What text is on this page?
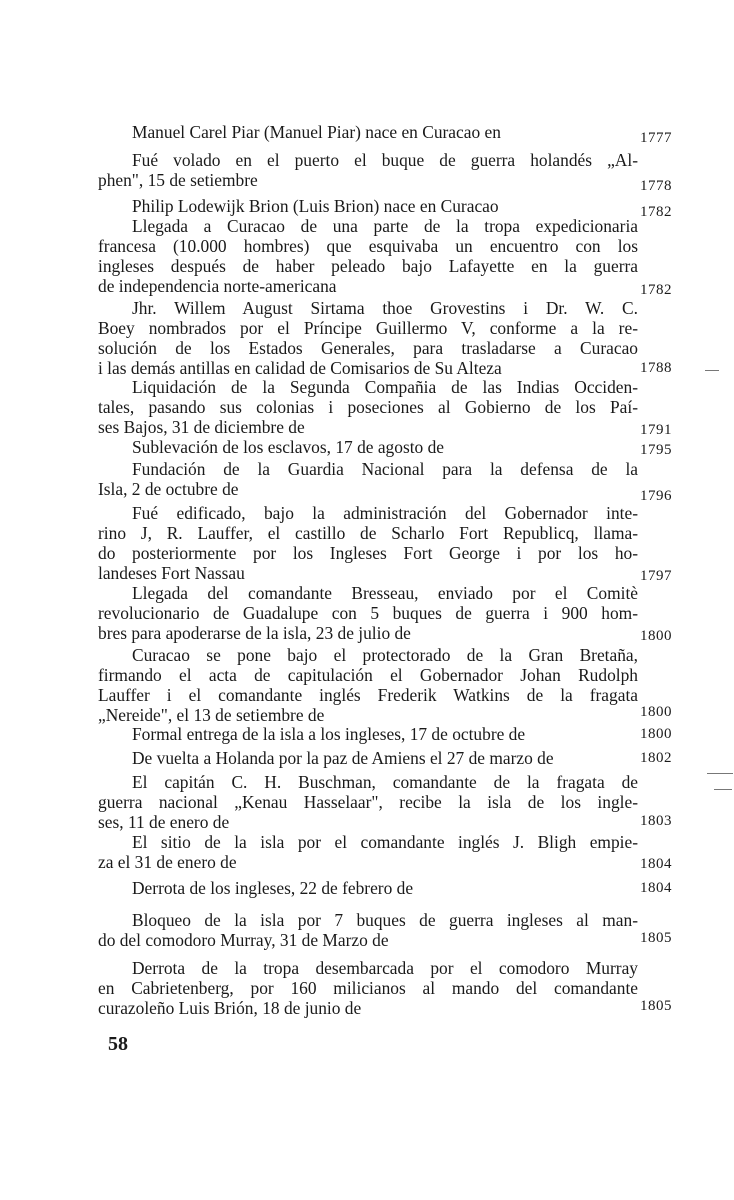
58
Manuel Carel Piar (Manuel Piar) nace en Curacao en	1777
Fué volado en el puerto el buque de guerra holandés „Al-
phen", 15 de setiembre	1778
Philip Lodewijk Brion (Luis Brion) nace en Curacao	1782
Llegada a Curacao de una parte de la tropa expedicionaria
francesa (10.000 hombres) que esquivaba un encuentro con los
ingleses después de haber peleado bajo Lafayette en la guerra
de independencia norte-americana	1782
Jhr. Willem August Sirtama thoe Grovestins i Dr. W. C.
Boey nombrados por el Príncipe Guillermo V, conforme a la re-
solución de los Estados Generales, para trasladarse a Curacao
i las demás antillas en calidad de Comisarios de Su Alteza	1788
Liquidación de la Segunda Compañia de las Indias Occiden-
tales, pasando sus colonias i poseciones al Gobierno de los Paí-
ses Bajos, 31 de diciembre de	1791
Sublevación de los esclavos, 17 de agosto de	1795
Fundación de la Guardia Nacional para la defensa de la
Isla, 2 de octubre de	1796
Fué edificado, bajo la administración del Gobernador inte-
rino J, R. Lauffer, el castillo de Scharlo Fort Republicq, llama-
do posteriormente por los Ingleses Fort George i por los ho-
landeses Fort Nassau	1797
Llegada del comandante Bresseau, enviado por el Comitè
revolucionario de Guadalupe con 5 buques de guerra i 900 hom-
bres para apoderarse de la isla, 23 de julio de	1800
Curacao se pone bajo el protectorado de la Gran Bretaña,
firmando el acta de capitulación el Gobernador Johan Rudolph
Lauffer i el comandante inglés Frederik Watkins de la fragata
„Nereide", el 13 de setiembre de	1800
Formal entrega de la isla a los ingleses, 17 de octubre de	1800
De vuelta a Holanda por la paz de Amiens el 27 de marzo de	1802
El capitán C. H. Buschman, comandante de la fragata de
guerra nacional „Kenau Hasselaar", recibe la isla de los ingle-
ses, 11 de enero de	1803
El sitio de la isla por el comandante inglés J. Bligh empie-
za el 31 de enero de	1804
Derrota de los ingleses, 22 de febrero de	1804
Bloqueo de la isla por 7 buques de guerra ingleses al man-
do del comodoro Murray, 31 de Marzo de	1805
Derrota de la tropa desembarcada por el comodoro Murray
en Cabrietenberg, por 160 milicianos al mando del comandante
curazoleño Luis Brión, 18 de junio de	1805
